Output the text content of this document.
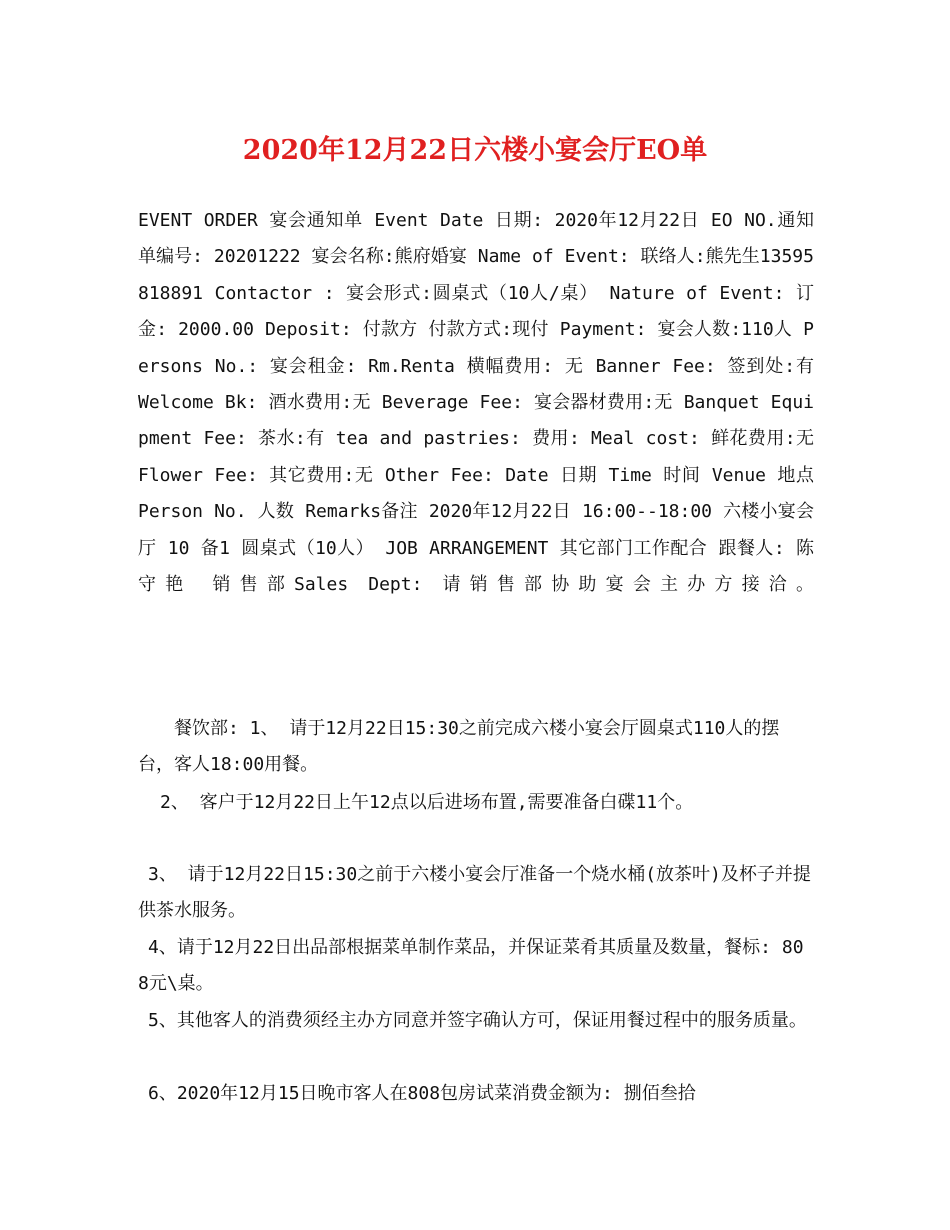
2020年12月22日六楼小宴会厅EO单
EVENT ORDER 宴会通知单 Event Date 日期: 2020年12月22日 EO NO.通知单编号: 20201222 宴会名称:熊府婚宴 Name of Event: 联络人:熊先生13595818891 Contactor : 宴会形式:圆桌式（10人/桌） Nature of Event: 订金: 2000.00 Deposit: 付款方 付款方式:现付 Payment: 宴会人数:110人 Persons No.: 宴会租金: Rm.Renta 横幅费用: 无 Banner Fee: 签到处:有 Welcome Bk: 酒水费用:无 Beverage Fee: 宴会器材费用:无 Banquet Equipment Fee: 茶水:有 tea and pastries: 费用: Meal cost: 鲜花费用:无 Flower Fee: 其它费用:无 Other Fee: Date 日期 Time 时间 Venue 地点 Person No. 人数 Remarks备注 2020年12月22日 16:00--18:00 六楼小宴会厅 10 备1 圆桌式（10人） JOB ARRANGEMENT 其它部门工作配合 跟餐人: 陈守艳 销售部Sales Dept: 请销售部协助宴会主办方接洽。
餐饮部: 1、 请于12月22日15:30之前完成六楼小宴会厅圆桌式110人的摆台，客人18:00用餐。
2、 客户于12月22日上午12点以后进场布置,需要准备白碟11个。
3、 请于12月22日15:30之前于六楼小宴会厅准备一个烧水桶(放茶叶)及杯子并提供茶水服务。
4、请于12月22日出品部根据菜单制作菜品，并保证菜肴其质量及数量，餐标: 808元\桌。
5、其他客人的消费须经主办方同意并签字确认方可，保证用餐过程中的服务质量。
6、2020年12月15日晚市客人在808包房试菜消费金额为: 捌佰叁拾
